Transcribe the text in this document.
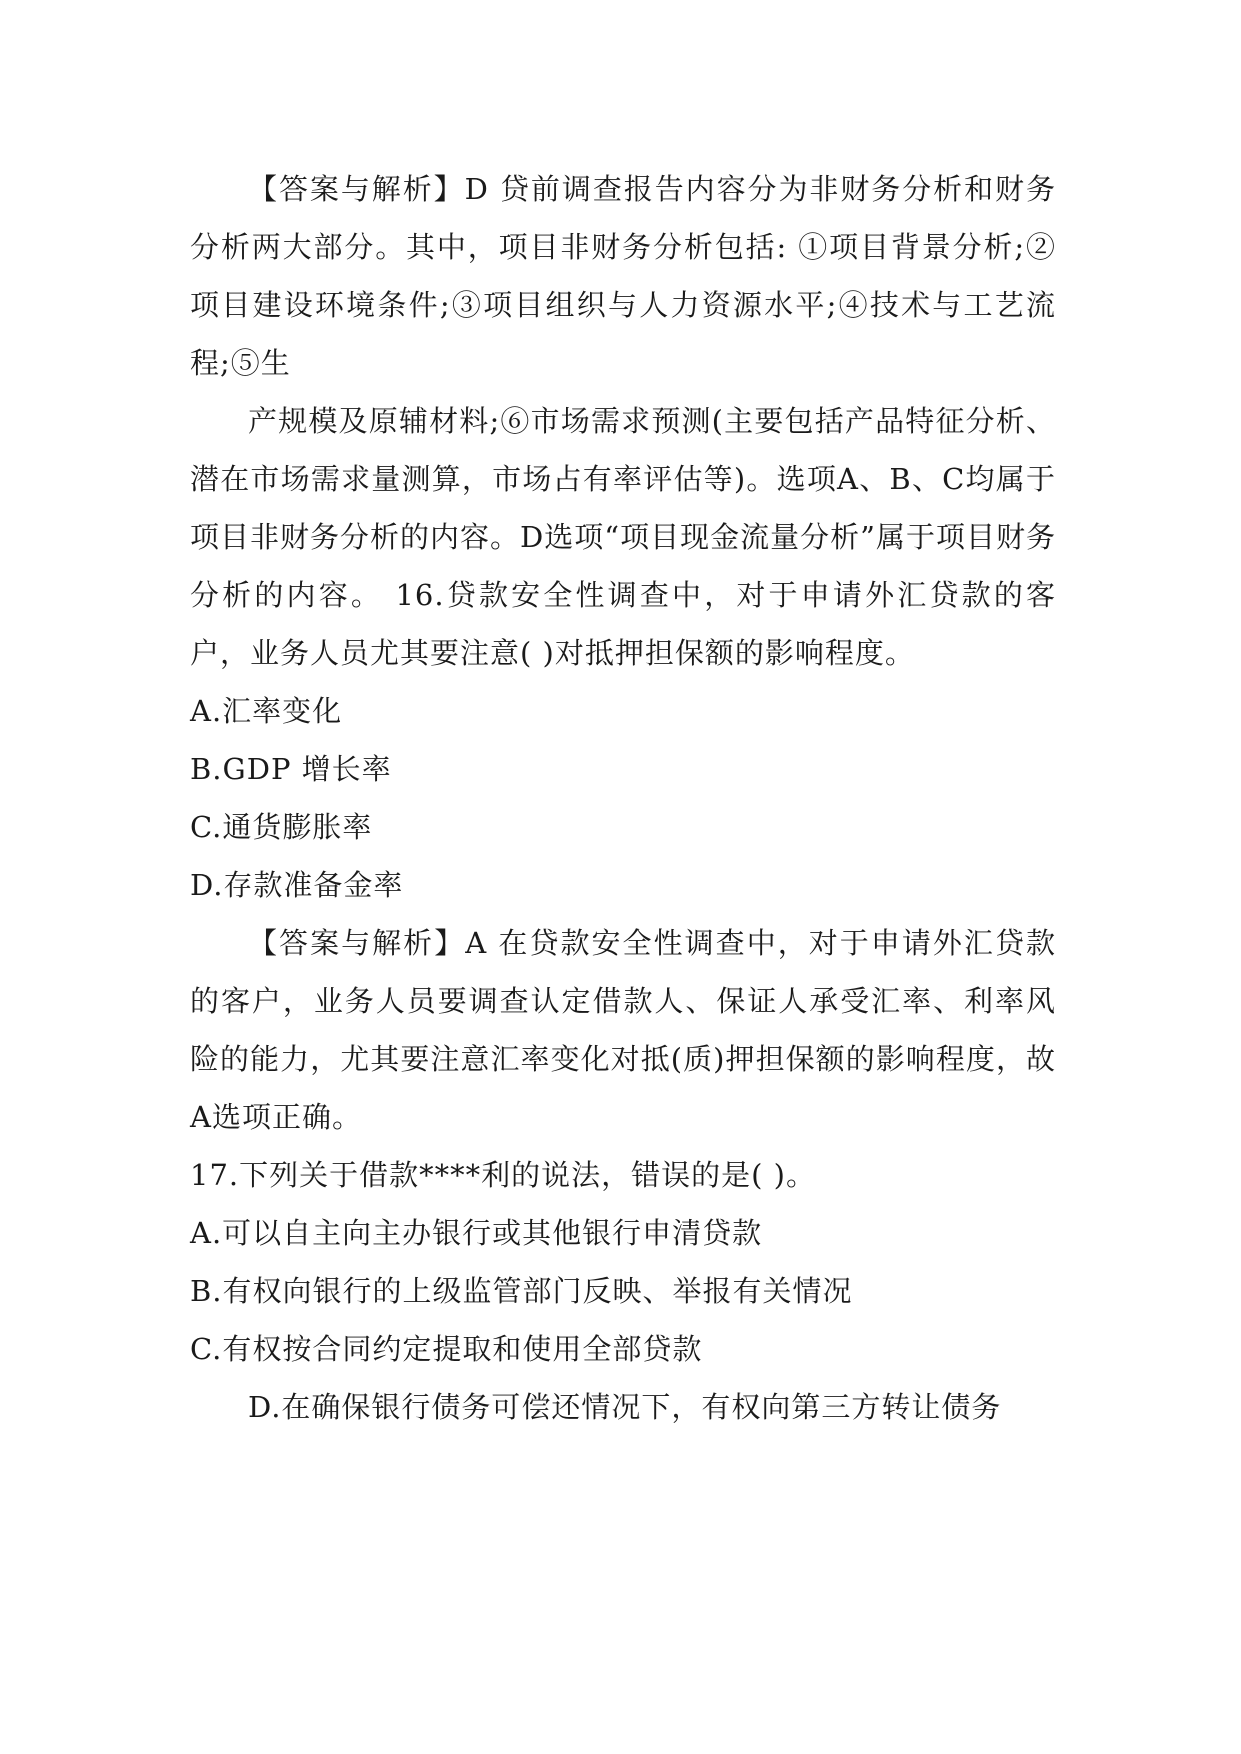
【答案与解析】D 贷前调查报告内容分为非财务分析和财务分析两大部分。其中，项目非财务分析包括: ①项目背景分析;②项目建设环境条件;③项目组织与人力资源水平;④技术与工艺流程;⑤生

产规模及原辅材料;⑥市场需求预测(主要包括产品特征分析、潜在市场需求量测算，市场占有率评估等)。选项A、B、C均属于项目非财务分析的内容。D选项“项目现金流量分析”属于项目财务分析的内容。 16.贷款安全性调查中，对于申请外汇贷款的客户，业务人员尤其要注意( )对抵押担保额的影响程度。

A.汇率变化

B.GDP 增长率

C.通货膨胀率

D.存款准备金率

【答案与解析】A 在贷款安全性调查中，对于申请外汇贷款的客户，业务人员要调查认定借款人、保证人承受汇率、利率风险的能力，尤其要注意汇率变化对抵(质)押担保额的影响程度，故A选项正确。

17.下列关于借款****利的说法，错误的是( )。

A.可以自主向主办银行或其他银行申清贷款

B.有权向银行的上级监管部门反映、举报有关情况

C.有权按合同约定提取和使用全部贷款

D.在确保银行债务可偿还情况下，有权向第三方转让债务
